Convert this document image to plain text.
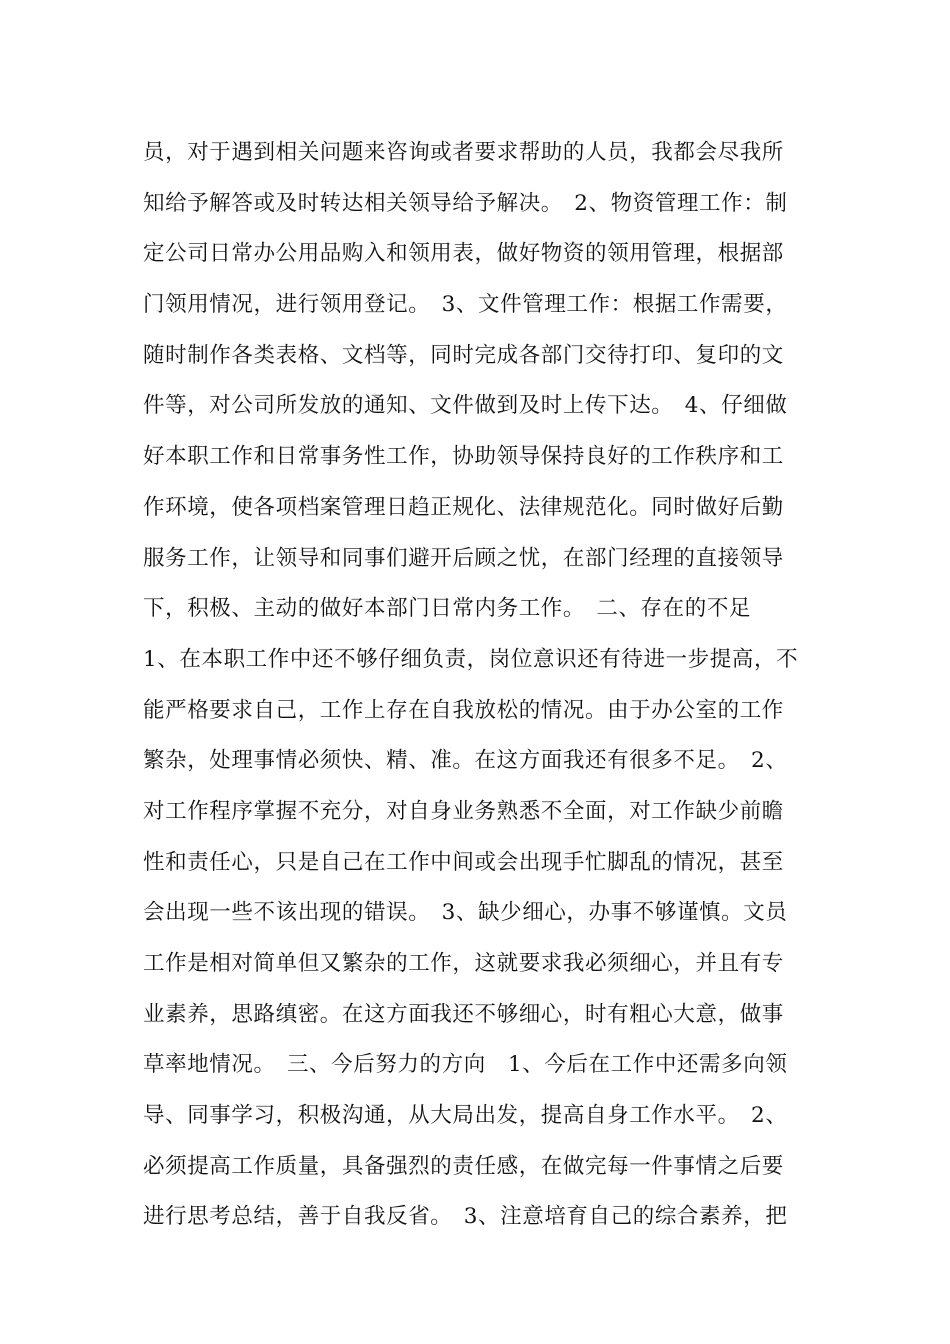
员，对于遇到相关问题来咨询或者要求帮助的人员，我都会尽我所
知给予解答或及时转达相关领导给予解决。　2、物资管理工作：制
定公司日常办公用品购入和领用表，做好物资的领用管理，根据部
门领用情况，进行领用登记。　3、文件管理工作：根据工作需要，
随时制作各类表格、文档等，同时完成各部门交待打印、复印的文
件等，对公司所发放的通知、文件做到及时上传下达。　4、仔细做
好本职工作和日常事务性工作，协助领导保持良好的工作秩序和工
作环境，使各项档案管理日趋正规化、法律规范化。同时做好后勤
服务工作，让领导和同事们避开后顾之忧，在部门经理的直接领导
下，积极、主动的做好本部门日常内务工作。　二、存在的不足
1、在本职工作中还不够仔细负责，岗位意识还有待进一步提高，不
能严格要求自己，工作上存在自我放松的情况。由于办公室的工作
繁杂，处理事情必须快、精、准。在这方面我还有很多不足。　2、
对工作程序掌握不充分，对自身业务熟悉不全面，对工作缺少前瞻
性和责任心，只是自己在工作中间或会出现手忙脚乱的情况，甚至
会出现一些不该出现的错误。　3、缺少细心，办事不够谨慎。文员
工作是相对简单但又繁杂的工作，这就要求我必须细心，并且有专
业素养，思路缜密。在这方面我还不够细心，时有粗心大意，做事
草率地情况。　三、今后努力的方向　1、今后在工作中还需多向领
导、同事学习，积极沟通，从大局出发，提高自身工作水平。　2、
必须提高工作质量，具备强烈的责任感，在做完每一件事情之后要
进行思考总结，善于自我反省。　3、注意培育自己的综合素养，把
